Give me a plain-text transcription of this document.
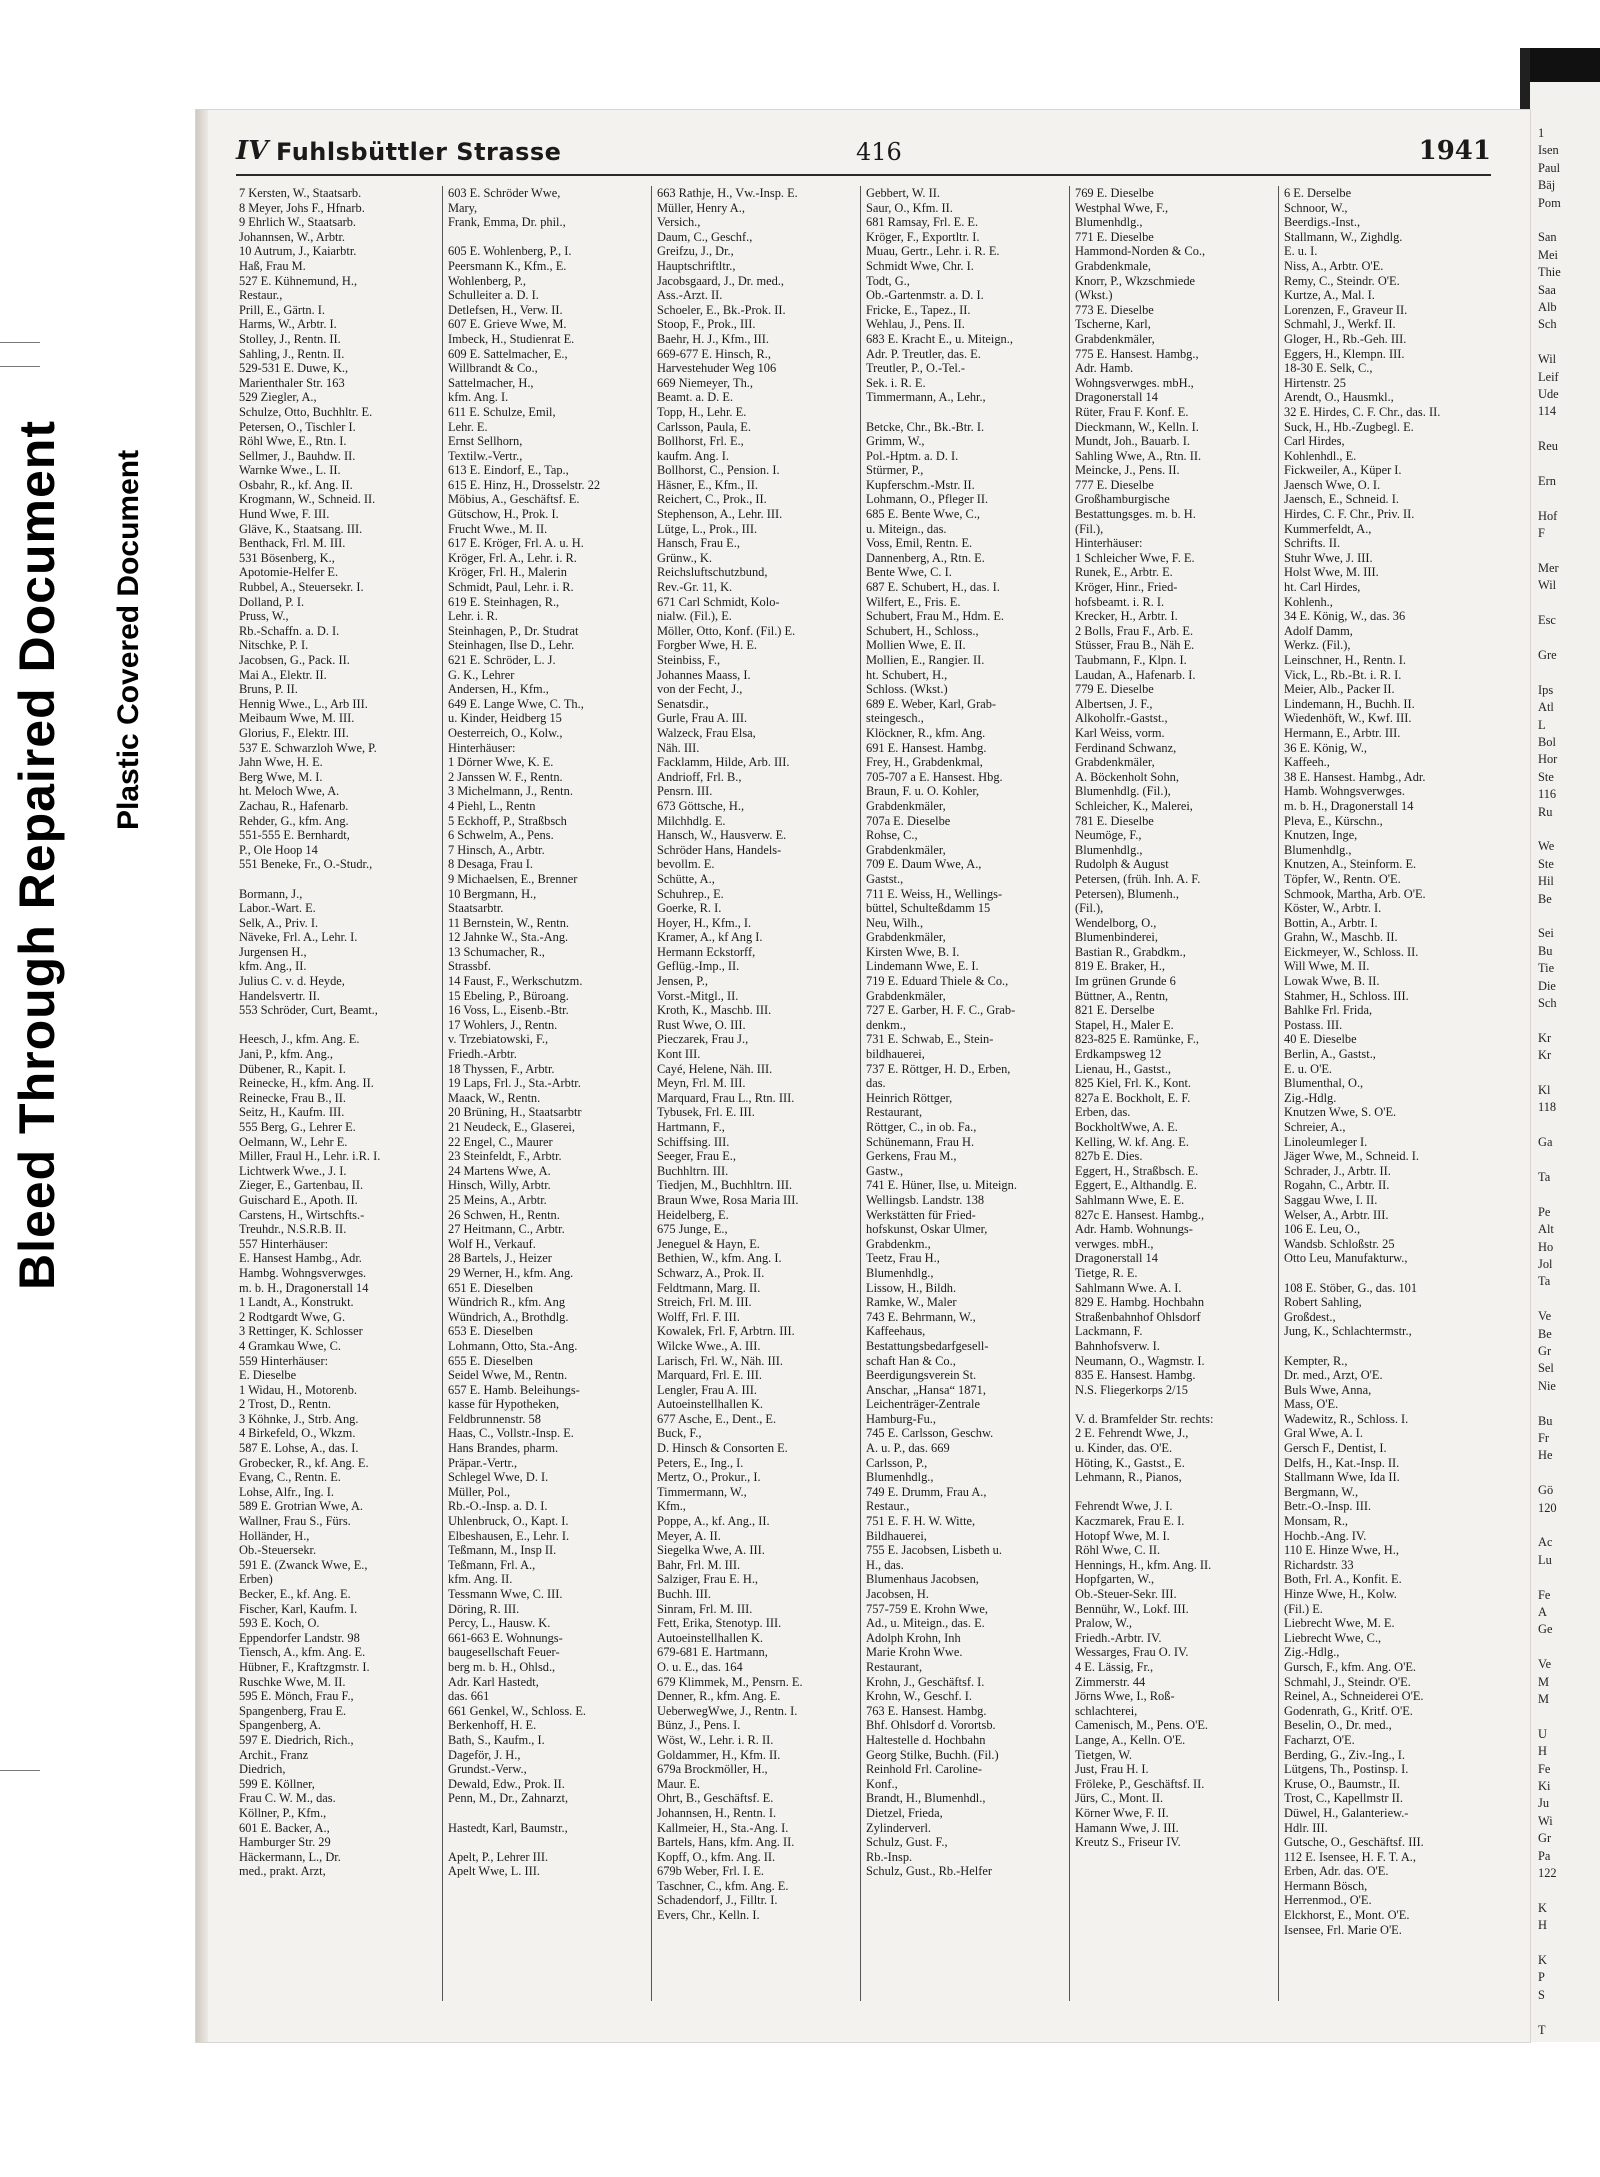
Bleed Through Repaired Document Plastic Covered Document
1
Isen
Paul
Bäj
Pom
San
Mei
Thie
Saa
Alb
Sch
Wil
Leif
Ude
114
Reu
Ern
Hof
F
Mer
Wil
Esc
Gre
Ips
Atl
L
Bol
Hor
Ste
116
Ru
We
Ste
Hil
Be
Sei
Bu
Tie
Die
Sch
Kr
Kr
Kl
118
Ga
Ta
Pe
Alt
Ho
Jol
Ta
Ve
Be
Gr
Sel
Nie
Bu
Fr
He
Gö
120
Ac
Lu
Fe
A
Ge
Ve
M
M
U
H
Fe
Ki
Ju
Wi
Gr
Pa
122
K
H
K
P
S
T
IV Fuhlsbüttler Strasse	416	1941
7 Kersten, W., Staatsarb.
8 Meyer, Johs F., Hfnarb.
9 Ehrlich W., Staatsarb.
Johannsen, W., Arbtr.
10 Autrum, J., Kaiarbtr.
Haß, Frau M.
527 E. Kühnemund, H.,
Restaur.,
Prill, E., Gärtn. I.
Harms, W., Arbtr. I.
Stolley, J., Rentn. II.
Sahling, J., Rentn. II.
529-531 E. Duwe, K.,
Marienthaler Str. 163
529 Ziegler, A.,
Schulze, Otto, Buchhltr. E.
Petersen, O., Tischler I.
Röhl Wwe, E., Rtn. I.
Sellmer, J., Bauhdw. II.
Warnke Wwe., L. II.
Osbahr, R., kf. Ang. II.
Krogmann, W., Schneid. II.
Hund Wwe, F. III.
Gläve, K., Staatsang. III.
Benthack, Frl. M. III.
531 Bösenberg, K.,
Apotomie-Helfer E.
Rubbel, A., Steuersekr. I.
Dolland, P. I.
Pruss, W.,
Rb.-Schaffn. a. D. I.
Nitschke, P. I.
Jacobsen, G., Pack. II.
Mai A., Elektr. II.
Bruns, P. II.
Hennig Wwe., L., Arb III.
Meibaum Wwe, M. III.
Glorius, F., Elektr. III.
537 E. Schwarzloh Wwe, P.
Jahn Wwe, H. E.
Berg Wwe, M. I.
ht. Meloch Wwe, A.
Zachau, R., Hafenarb.
Rehder, G., kfm. Ang.
551-555 E. Bernhardt,
P., Ole Hoop 14
551 Beneke, Fr., O.-Studr.,

Bormann, J.,
Labor.-Wart. E.
Selk, A., Priv. I.
Näveke, Frl. A., Lehr. I.
Jurgensen H.,
kfm. Ang., II.
Julius C. v. d. Heyde,
Handelsvertr. II.
553 Schröder, Curt, Beamt.,

Heesch, J., kfm. Ang. E.
Jani, P., kfm. Ang.,
Dübener, R., Kapit. I.
Reinecke, H., kfm. Ang. II.
Reinecke, Frau B., II.
Seitz, H., Kaufm. III.
555 Berg, G., Lehrer E.
Oelmann, W., Lehr E.
Miller, Fraul H., Lehr. i.R. I.
Lichtwerk Wwe., J. I.
Zieger, E., Gartenbau, II.
Guischard E., Apoth. II.
Carstens, H., Wirtschfts.-
Treuhdr., N.S.R.B. II.
557 Hinterhäuser:
E. Hansest Hambg., Adr.
Hambg. Wohngsverwges.
m. b. H., Dragonerstall 14
1 Landt, A., Konstrukt.
2 Rodtgardt Wwe, G.
3 Rettinger, K. Schlosser
4 Gramkau Wwe, C.
559 Hinterhäuser:
E. Dieselbe
1 Widau, H., Motorenb.
2 Trost, D., Rentn.
3 Köhnke, J., Strb. Ang.
4 Birkefeld, O., Wkzm.
587 E. Lohse, A., das. I.
Grobecker, R., kf. Ang. E.
Evang, C., Rentn. E.
Lohse, Alfr., Ing. I.
589 E. Grotrian Wwe, A.
Wallner, Frau S., Fürs.
Holländer, H.,
Ob.-Steuersekr.
591 E. (Zwanck Wwe, E.,
Erben)
Becker, E., kf. Ang. E.
Fischer, Karl, Kaufm. I.
593 E. Koch, O.
Eppendorfer Landstr. 98
Tiensch, A., kfm. Ang. E.
Hübner, F., Kraftzgmstr. I.
Ruschke Wwe, M. II.
595 E. Mönch, Frau F.,
Spangenberg, Frau E.
Spangenberg, A.
597 E. Diedrich, Rich.,
Archit., Franz
Diedrich,
599 E. Köllner,
Frau C. W. M., das.
Köllner, P., Kfm.,
601 E. Backer, A.,
Hamburger Str. 29
Häckermann, L., Dr.
med., prakt. Arzt,
603 E. Schröder Wwe,
Mary,
Frank, Emma, Dr. phil.,

605 E. Wohlenberg, P., I.
Peersmann K., Kfm., E.
Wohlenberg, P.,
Schulleiter a. D. I.
Detlefsen, H., Verw. II.
607 E. Grieve Wwe, M.
Imbeck, H., Studienrat E.
609 E. Sattelmacher, E.,
Willbrandt & Co.,
Sattelmacher, H.,
kfm. Ang. I.
611 E. Schulze, Emil,
Lehr. E.
Ernst Sellhorn,
Textilw.-Vertr.,
613 E. Eindorf, E., Tap.,
615 E. Hinz, H., Drosselstr. 22
Möbius, A., Geschäftsf. E.
Gütschow, H., Prok. I.
Frucht Wwe., M. II.
617 E. Kröger, Frl. A. u. H.
Kröger, Frl. A., Lehr. i. R.
Kröger, Frl. H., Malerin
Schmidt, Paul, Lehr. i. R.
619 E. Steinhagen, R.,
Lehr. i. R.
Steinhagen, P., Dr. Studrat
Steinhagen, Ilse D., Lehr.
621 E. Schröder, L. J.
G. K., Lehrer
Andersen, H., Kfm.,
649 E. Lange Wwe, C. Th.,
u. Kinder, Heidberg 15
Oesterreich, O., Kolw.,
Hinterhäuser:
1 Dörner Wwe, K. E.
2 Janssen W. F., Rentn.
3 Michelmann, J., Rentn.
4 Piehl, L., Rentn
5 Eckhoff, P., Straßbsch
6 Schwelm, A., Pens.
7 Hinsch, A., Arbtr.
8 Desaga, Frau I.
9 Michaelsen, E., Brenner
10 Bergmann, H.,
Staatsarbtr.
11 Bernstein, W., Rentn.
12 Jahnke W., Sta.-Ang.
13 Schumacher, R.,
Strassbf.
14 Faust, F., Werkschutzm.
15 Ebeling, P., Büroang.
16 Voss, L., Eisenb.-Btr.
17 Wohlers, J., Rentn.
v. Trzebiatowski, F.,
Friedh.-Arbtr.
18 Thyssen, F., Arbtr.
19 Laps, Frl. J., Sta.-Arbtr.
Maack, W., Rentn.
20 Brüning, H., Staatsarbtr
21 Neudeck, E., Glaserei,
22 Engel, C., Maurer
23 Steinfeldt, F., Arbtr.
24 Martens Wwe, A.
Hinsch, Willy, Arbtr.
25 Meins, A., Arbtr.
26 Schwen, H., Rentn.
27 Heitmann, C., Arbtr.
Wolf H., Verkauf.
28 Bartels, J., Heizer
29 Werner, H., kfm. Ang.
651 E. Dieselben
Wündrich R., kfm. Ang
Wündrich, A., Brothdlg.
653 E. Dieselben
Lohmann, Otto, Sta.-Ang.
655 E. Dieselben
Seidel Wwe, M., Rentn.
657 E. Hamb. Beleihungs-
kasse für Hypotheken,
Feldbrunnenstr. 58
Haas, C., Vollstr.-Insp. E.
Hans Brandes, pharm.
Präpar.-Vertr.,
Schlegel Wwe, D. I.
Müller, Pol.,
Rb.-O.-Insp. a. D. I.
Uhlenbruck, O., Kapt. I.
Elbeshausen, E., Lehr. I.
Teßmann, M., Insp II.
Teßmann, Frl. A.,
kfm. Ang. II.
Tessmann Wwe, C. III.
Döring, R. III.
Percy, L., Hausw. K.
661-663 E. Wohnungs-
baugesellschaft Feuer-
berg m. b. H., Ohlsd.,
Adr. Karl Hastedt,
das. 661
661 Genkel, W., Schloss. E.
Berkenhoff, H. E.
Bath, S., Kaufm., I.
Dageför, J. H.,
Grundst.-Verw.,
Dewald, Edw., Prok. II.
Penn, M., Dr., Zahnarzt,

Hastedt, Karl, Baumstr.,

Apelt, P., Lehrer III.
Apelt Wwe, L. III.
663 Rathje, H., Vw.-Insp. E.
Müller, Henry A.,
Versich.,
Daum, C., Geschf.,
Greifzu, J., Dr.,
Hauptschriftltr.,
Jacobsgaard, J., Dr. med.,
Ass.-Arzt. II.
Schoeler, E., Bk.-Prok. II.
Stoop, F., Prok., III.
Baehr, H. J., Kfm., III.
669-677 E. Hinsch, R.,
Harvestehuder Weg 106
669 Niemeyer, Th.,
Beamt. a. D. E.
Topp, H., Lehr. E.
Carlsson, Paula, E.
Bollhorst, Frl. E.,
kaufm. Ang. I.
Bollhorst, C., Pension. I.
Häsner, E., Kfm., II.
Reichert, C., Prok., II.
Stephenson, A., Lehr. III.
Lütge, L., Prok., III.
Hansch, Frau E.,
Grünw., K.
Reichsluftschutzbund,
Rev.-Gr. 11, K.
671 Carl Schmidt, Kolo-
nialw. (Fil.), E.
Möller, Otto, Konf. (Fil.) E.
Forgber Wwe, H. E.
Steinbiss, F.,
Johannes Maass, I.
von der Fecht, J.,
Senatsdir.,
Gurle, Frau A. III.
Walzeck, Frau Elsa,
Näh. III.
Facklamm, Hilde, Arb. III.
Andrioff, Frl. B.,
Pensrn. III.
673 Göttsche, H.,
Milchhdlg. E.
Hansch, W., Hausverw. E.
Schröder Hans, Handels-
bevollm. E.
Schütte, A.,
Schuhrep., E.
Goerke, R. I.
Hoyer, H., Kfm., I.
Kramer, A., kf Ang I.
Hermann Eckstorff,
Geflüg.-Imp., II.
Jensen, P.,
Vorst.-Mitgl., II.
Kroth, K., Maschb. III.
Rust Wwe, O. III.
Pieczarek, Frau J.,
Kont III.
Cayé, Helene, Näh. III.
Meyn, Frl. M. III.
Marquard, Frau L., Rtn. III.
Tybusek, Frl. E. III.
Hartmann, F.,
Schiffsing. III.
Seeger, Frau E.,
Buchhltrn. III.
Tiedjen, M., Buchhltrn. III.
Braun Wwe, Rosa Maria III.
Heidelberg, E.
675 Junge, E.,
Jeneguel & Hayn, E.
Bethien, W., kfm. Ang. I.
Schwarz, A., Prok. II.
Feldtmann, Marg. II.
Streich, Frl. M. III.
Wolff, Frl. F. III.
Kowalek, Frl. F, Arbtrn. III.
Wilcke Wwe., A. III.
Larisch, Frl. W., Näh. III.
Marquard, Frl. E. III.
Lengler, Frau A. III.
Autoeinstellhallen K.
677 Asche, E., Dent., E.
Buck, F.,
D. Hinsch & Consorten E.
Peters, E., Ing., I.
Mertz, O., Prokur., I.
Timmermann, W.,
Kfm.,
Poppe, A., kf. Ang., II.
Meyer, A. II.
Siegelka Wwe, A. III.
Bahr, Frl. M. III.
Salziger, Frau E. H.,
Buchh. III.
Sinram, Frl. M. III.
Fett, Erika, Stenotyp. III.
Autoeinstellhallen K.
679-681 E. Hartmann,
O. u. E., das. 164
679 Klimmek, M., Pensrn. E.
Denner, R., kfm. Ang. E.
UeberwegWwe, J., Rentn. I.
Bünz, J., Pens. I.
Wöst, W., Lehr. i. R. II.
Goldammer, H., Kfm. II.
679a Brockmöller, H.,
Maur. E.
Ohrt, B., Geschäftsf. E.
Johannsen, H., Rentn. I.
Kallmeier, H., Sta.-Ang. I.
Bartels, Hans, kfm. Ang. II.
Kopff, O., kfm. Ang. II.
679b Weber, Frl. I. E.
Taschner, C., kfm. Ang. E.
Schadendorf, J., Filltr. I.
Evers, Chr., Kelln. I.
Gebbert, W. II.
Saur, O., Kfm. II.
681 Ramsay, Frl. E. E.
Kröger, F., Exportltr. I.
Muau, Gertr., Lehr. i. R. E.
Schmidt Wwe, Chr. I.
Todt, G.,
Ob.-Gartenmstr. a. D. I.
Fricke, E., Tapez., II.
Wehlau, J., Pens. II.
683 E. Kracht E., u. Miteign.,
Adr. P. Treutler, das. E.
Treutler, P., O.-Tel.-
Sek. i. R. E.
Timmermann, A., Lehr.,

Betcke, Chr., Bk.-Btr. I.
Grimm, W.,
Pol.-Hptm. a. D. I.
Stürmer, P.,
Kupferschm.-Mstr. II.
Lohmann, O., Pfleger II.
685 E. Bente Wwe, C.,
u. Miteign., das.
Voss, Emil, Rentn. E.
Dannenberg, A., Rtn. E.
Bente Wwe, C. I.
687 E. Schubert, H., das. I.
Wilfert, E., Fris. E.
Schubert, Frau M., Hdm. E.
Schubert, H., Schloss.,
Mollien Wwe, E. II.
Mollien, E., Rangier. II.
ht. Schubert, H.,
Schloss. (Wkst.)
689 E. Weber, Karl, Grab-
steingesch.,
Klöckner, R., kfm. Ang.
691 E. Hansest. Hambg.
Frey, H., Grabdenkmal,
705-707 a E. Hansest. Hbg.
Braun, F. u. O. Kohler,
Grabdenkmäler,
707a E. Dieselbe
Rohse, C.,
Grabdenkmäler,
709 E. Daum Wwe, A.,
Gastst.,
711 E. Weiss, H., Wellings-
büttel, Schulteßdamm 15
Neu, Wilh.,
Grabdenkmäler,
Kirsten Wwe, B. I.
Lindemann Wwe, E. I.
719 E. Eduard Thiele & Co.,
Grabdenkmäler,
727 E. Garber, H. F. C., Grab-
denkm.,
731 E. Schwab, E., Stein-
bildhauerei,
737 E. Röttger, H. D., Erben,
das.
Heinrich Röttger,
Restaurant,
Röttger, C., in ob. Fa.,
Schünemann, Frau H.
Gerkens, Frau M.,
Gastw.,
741 E. Hüner, Ilse, u. Miteign.
Wellingsb. Landstr. 138
Werkstätten für Fried-
hofskunst, Oskar Ulmer,
Grabdenkm.,
Teetz, Frau H.,
Blumenhdlg.,
Lissow, H., Bildh.
Ramke, W., Maler
743 E. Behrmann, W.,
Kaffeehaus,
Bestattungsbedarfgesell-
schaft Han & Co.,
Beerdigungsverein St.
Anschar, „Hansa“ 1871,
Leichenträger-Zentrale
Hamburg-Fu.,
745 E. Carlsson, Geschw.
A. u. P., das. 669
Carlsson, P.,
Blumenhdlg.,
749 E. Drumm, Frau A.,
Restaur.,
751 E. F. H. W. Witte,
Bildhauerei,
755 E. Jacobsen, Lisbeth u.
H., das.
Blumenhaus Jacobsen,
Jacobsen, H.
757-759 E. Krohn Wwe,
Ad., u. Miteign., das. E.
Adolph Krohn, Inh
Marie Krohn Wwe.
Restaurant,
Krohn, J., Geschäftsf. I.
Krohn, W., Geschf. I.
763 E. Hansest. Hambg.
Bhf. Ohlsdorf d. Vorortsb.
Haltestelle d. Hochbahn
Georg Stilke, Buchh. (Fil.)
Reinhold Frl. Caroline-
Konf.,
Brandt, H., Blumenhdl.,
Dietzel, Frieda,
Zylinderverl.
Schulz, Gust. F.,
Rb.-Insp.
Schulz, Gust., Rb.-Helfer
769 E. Dieselbe
Westphal Wwe, F.,
Blumenhdlg.,
771 E. Dieselbe
Hammond-Norden & Co.,
Grabdenkmale,
Knorr, P., Wkzschmiede
(Wkst.)
773 E. Dieselbe
Tscherne, Karl,
Grabdenkmäler,
775 E. Hansest. Hambg.,
Adr. Hamb.
Wohngsverwges. mbH.,
Dragonerstall 14
Rüter, Frau F. Konf. E.
Dieckmann, W., Kelln. I.
Mundt, Joh., Bauarb. I.
Sahling Wwe, A., Rtn. II.
Meincke, J., Pens. II.
777 E. Dieselbe
Großhamburgische
Bestattungsges. m. b. H.
(Fil.),
Hinterhäuser:
1 Schleicher Wwe, F. E.
Runek, E., Arbtr. E.
Kröger, Hinr., Fried-
hofsbeamt. i. R. I.
Krecker, H., Arbtr. I.
2 Bolls, Frau F., Arb. E.
Stüsser, Frau B., Näh E.
Taubmann, F., Klpn. I.
Laudan, A., Hafenarb. I.
779 E. Dieselbe
Albertsen, J. F.,
Alkoholfr.-Gastst.,
Karl Weiss, vorm.
Ferdinand Schwanz,
Grabdenkmäler,
A. Böckenholt Sohn,
Blumenhdlg. (Fil.),
Schleicher, K., Malerei,
781 E. Dieselbe
Neumöge, F.,
Blumenhdlg.,
Rudolph & August
Petersen, (früh. Inh. A. F.
Petersen), Blumenh.,
(Fil.),
Wendelborg, O.,
Blumenbinderei,
Bastian R., Grabdkm.,
819 E. Braker, H.,
Im grünen Grunde 6
Büttner, A., Rentn,
821 E. Derselbe
Stapel, H., Maler E.
823-825 E. Ramünke, F.,
Erdkampsweg 12
Lienau, H., Gastst.,
825 Kiel, Frl. K., Kont.
827a E. Bockholt, E. F.
Erben, das.
BockholtWwe, A. E.
Kelling, W. kf. Ang. E.
827b E. Dies.
Eggert, H., Straßbsch. E.
Eggert, E., Althandlg. E.
Sahlmann Wwe, E. E.
827c E. Hansest. Hambg.,
Adr. Hamb. Wohnungs-
verwges. mbH.,
Dragonerstall 14
Tietge, R. E.
Sahlmann Wwe. A. I.
829 E. Hambg. Hochbahn
Straßenbahnhof Ohlsdorf
Lackmann, F.
Bahnhofsverw. I.
Neumann, O., Wagmstr. I.
835 E. Hansest. Hambg.
N.S. Fliegerkorps 2/15

V. d. Bramfelder Str. rechts:
2 E. Fehrendt Wwe, J.,
u. Kinder, das. O'E.
Höting, K., Gastst., E.
Lehmann, R., Pianos,

Fehrendt Wwe, J. I.
Kaczmarek, Frau E. I.
Hotopf Wwe, M. I.
Röhl Wwe, C. II.
Hennings, H., kfm. Ang. II.
Hopfgarten, W.,
Ob.-Steuer-Sekr. III.
Bennühr, W., Lokf. III.
Pralow, W.,
Friedh.-Arbtr. IV.
Wessarges, Frau O. IV.
4 E. Lässig, Fr.,
Zimmerstr. 44
Jörns Wwe, I., Roß-
schlachterei,
Camenisch, M., Pens. O'E.
Lange, A., Kelln. O'E.
Tietgen, W.
Just, Frau H. I.
Fröleke, P., Geschäftsf. II.
Jürs, C., Mont. II.
Körner Wwe, F. II.
Hamann Wwe, J. III.
Kreutz S., Friseur IV.
6 E. Derselbe
Schnoor, W.,
Beerdigs.-Inst.,
Stallmann, W., Zighdlg.
E. u. I.
Niss, A., Arbtr. O'E.
Remy, C., Steindr. O'E.
Kurtze, A., Mal. I.
Lorenzen, F., Graveur II.
Schmahl, J., Werkf. II.
Gloger, H., Rb.-Geh. III.
Eggers, H., Klempn. III.
18-30 E. Selk, C.,
Hirtenstr. 25
Arendt, O., Hausmkl.,
32 E. Hirdes, C. F. Chr., das. II.
Suck, H., Hb.-Zugbegl. E.
Carl Hirdes,
Kohlenhdl., E.
Fickweiler, A., Küper I.
Jaensch Wwe, O. I.
Jaensch, E., Schneid. I.
Hirdes, C. F. Chr., Priv. II.
Kummerfeldt, A.,
Schrifts. II.
Stuhr Wwe, J. III.
Holst Wwe, M. III.
ht. Carl Hirdes,
Kohlenh.,
34 E. König, W., das. 36
Adolf Damm,
Werkz. (Fil.),
Leinschner, H., Rentn. I.
Vick, L., Rb.-Bt. i. R. I.
Meier, Alb., Packer II.
Lindemann, H., Buchh. II.
Wiedenhöft, W., Kwf. III.
Hermann, E., Arbtr. III.
36 E. König, W.,
Kaffeeh.,
38 E. Hansest. Hambg., Adr.
Hamb. Wohngsverwges.
m. b. H., Dragonerstall 14
Pleva, E., Kürschn.,
Knutzen, Inge,
Blumenhdlg.,
Knutzen, A., Steinform. E.
Töpfer, W., Rentn. O'E.
Schmook, Martha, Arb. O'E.
Köster, W., Arbtr. I.
Bottin, A., Arbtr. I.
Grahn, W., Maschb. II.
Eickmeyer, W., Schloss. II.
Will Wwe, M. II.
Lowak Wwe, B. II.
Stahmer, H., Schloss. III.
Bahlke Frl. Frida,
Postass. III.
40 E. Dieselbe
Berlin, A., Gastst.,
E. u. O'E.
Blumenthal, O.,
Zig.-Hdlg.
Knutzen Wwe, S. O'E.
Schreier, A.,
Linoleumleger I.
Jäger Wwe, M., Schneid. I.
Schrader, J., Arbtr. II.
Rogahn, C., Arbtr. II.
Saggau Wwe, I. II.
Welser, A., Arbtr. III.
106 E. Leu, O.,
Wandsb. Schloßstr. 25
Otto Leu, Manufakturw.,

108 E. Stöber, G., das. 101
Robert Sahling,
Großdest.,
Jung, K., Schlachtermstr.,

Kempter, R.,
Dr. med., Arzt, O'E.
Buls Wwe, Anna,
Mass, O'E.
Wadewitz, R., Schloss. I.
Gral Wwe, A. I.
Gersch F., Dentist, I.
Delfs, H., Kat.-Insp. II.
Stallmann Wwe, Ida II.
Bergmann, W.,
Betr.-O.-Insp. III.
Monsam, R.,
Hochb.-Ang. IV.
110 E. Hinze Wwe, H.,
Richardstr. 33
Both, Frl. A., Konfit. E.
Hinze Wwe, H., Kolw.
(Fil.) E.
Liebrecht Wwe, M. E.
Liebrecht Wwe, C.,
Zig.-Hdlg.,
Gursch, F., kfm. Ang. O'E.
Schmahl, J., Steindr. O'E.
Reinel, A., Schneiderei O'E.
Godenrath, G., Kritf. O'E.
Beselin, O., Dr. med.,
Facharzt, O'E.
Berding, G., Ziv.-Ing., I.
Lütgens, Th., Postinsp. I.
Kruse, O., Baumstr., II.
Trost, C., Kapellmstr II.
Düwel, H., Galanteriew.-
Hdlr. III.
Gutsche, O., Geschäftsf. III.
112 E. Isensee, H. F. T. A.,
Erben, Adr. das. O'E.
Hermann Bösch,
Herrenmod., O'E.
Elckhorst, E., Mont. O'E.
Isensee, Frl. Marie O'E.
